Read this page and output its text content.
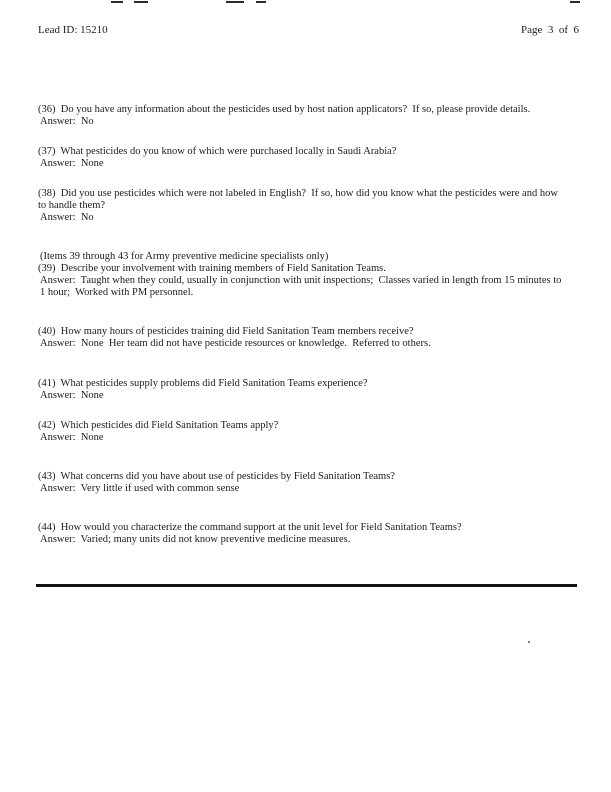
Lead ID: 15210	Page  3  of  6
(36)  Do you have any information about the pesticides used by host nation applicators?  If so, please provide details.
Answer:  No
(37)  What pesticides do you know of which were purchased locally in Saudi Arabia?
Answer:  None
(38)  Did you use pesticides which were not labeled in English?  If so, how did you know what the pesticides were and how to handle them?
Answer:  No
(Items 39 through 43 for Army preventive medicine specialists only)
(39)  Describe your involvement with training members of Field Sanitation Teams.
Answer:  Taught when they could, usually in conjunction with unit inspections;  Classes varied in length from 15 minutes to 1 hour;  Worked with PM personnel.
(40)  How many hours of pesticides training did Field Sanitation Team members receive?
Answer:  None  Her team did not have pesticide resources or knowledge.  Referred to others.
(41)  What pesticides supply problems did Field Sanitation Teams experience?
Answer:  None
(42)  Which pesticides did Field Sanitation Teams apply?
Answer:  None
(43)  What concerns did you have about use of pesticides by Field Sanitation Teams?
Answer:  Very little if used with common sense
(44)  How would you characterize the command support at the unit level for Field Sanitation Teams?
Answer:  Varied; many units did not know preventive medicine measures.
